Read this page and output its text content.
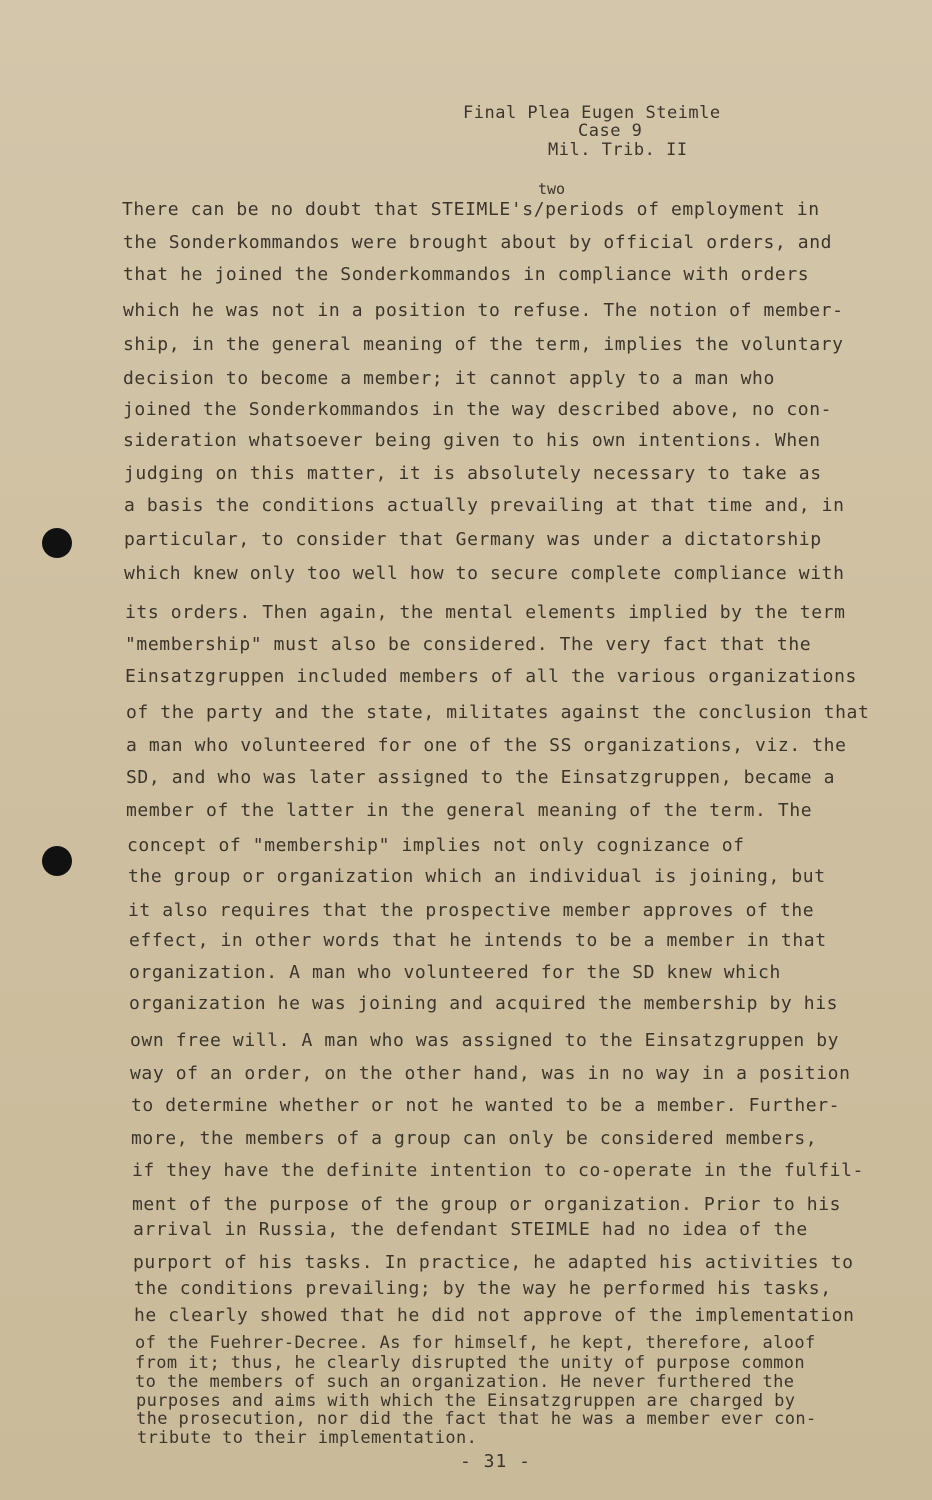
Final Plea Eugen Steimle
Case 9
Mil. Trib. II
two
There can be no doubt that STEIMLE's/periods of employment in
the Sonderkommandos were brought about by official orders, and
that he joined the Sonderkommandos in compliance with orders
which he was not in a position to refuse. The notion of member-
ship, in the general meaning of the term, implies the voluntary
decision to become a member; it cannot apply to a man who
joined the Sonderkommandos in the way described above, no con-
sideration whatsoever being given to his own intentions. When
judging on this matter, it is absolutely necessary to take as
a basis the conditions actually prevailing at that time and, in
particular, to consider that Germany was under a dictatorship
which knew only too well how to secure complete compliance with
its orders. Then again, the mental elements implied by the term
"membership" must also be considered. The very fact that the
Einsatzgruppen included members of all the various organizations
of the party and the state, militates against the conclusion that
a man who volunteered for one of the SS organizations, viz. the
SD, and who was later assigned to the Einsatzgruppen, became a
member of the latter in the general meaning of the term. The
concept of "membership" implies not only cognizance of
the group or organization which an individual is joining, but
it also requires that the prospective member approves of the
effect, in other words that he intends to be a member in that
organization. A man who volunteered for the SD knew which
organization he was joining and acquired the membership by his
own free will. A man who was assigned to the Einsatzgruppen by
way of an order, on the other hand, was in no way in a position
to determine whether or not he wanted to be a member. Further-
more, the members of a group can only be considered members,
if they have the definite intention to co-operate in the fulfil-
ment of the purpose of the group or organization. Prior to his
arrival in Russia, the defendant STEIMLE had no idea of the
purport of his tasks. In practice, he adapted his activities to
the conditions prevailing; by the way he performed his tasks,
he clearly showed that he did not approve of the implementation
of the Fuehrer-Decree. As for himself, he kept, therefore, aloof
from it; thus, he clearly disrupted the unity of purpose common
to the members of such an organization. He never furthered the
purposes and aims with which the Einsatzgruppen are charged by
the prosecution, nor did the fact that he was a member ever con-
tribute to their implementation.
- 31 -
